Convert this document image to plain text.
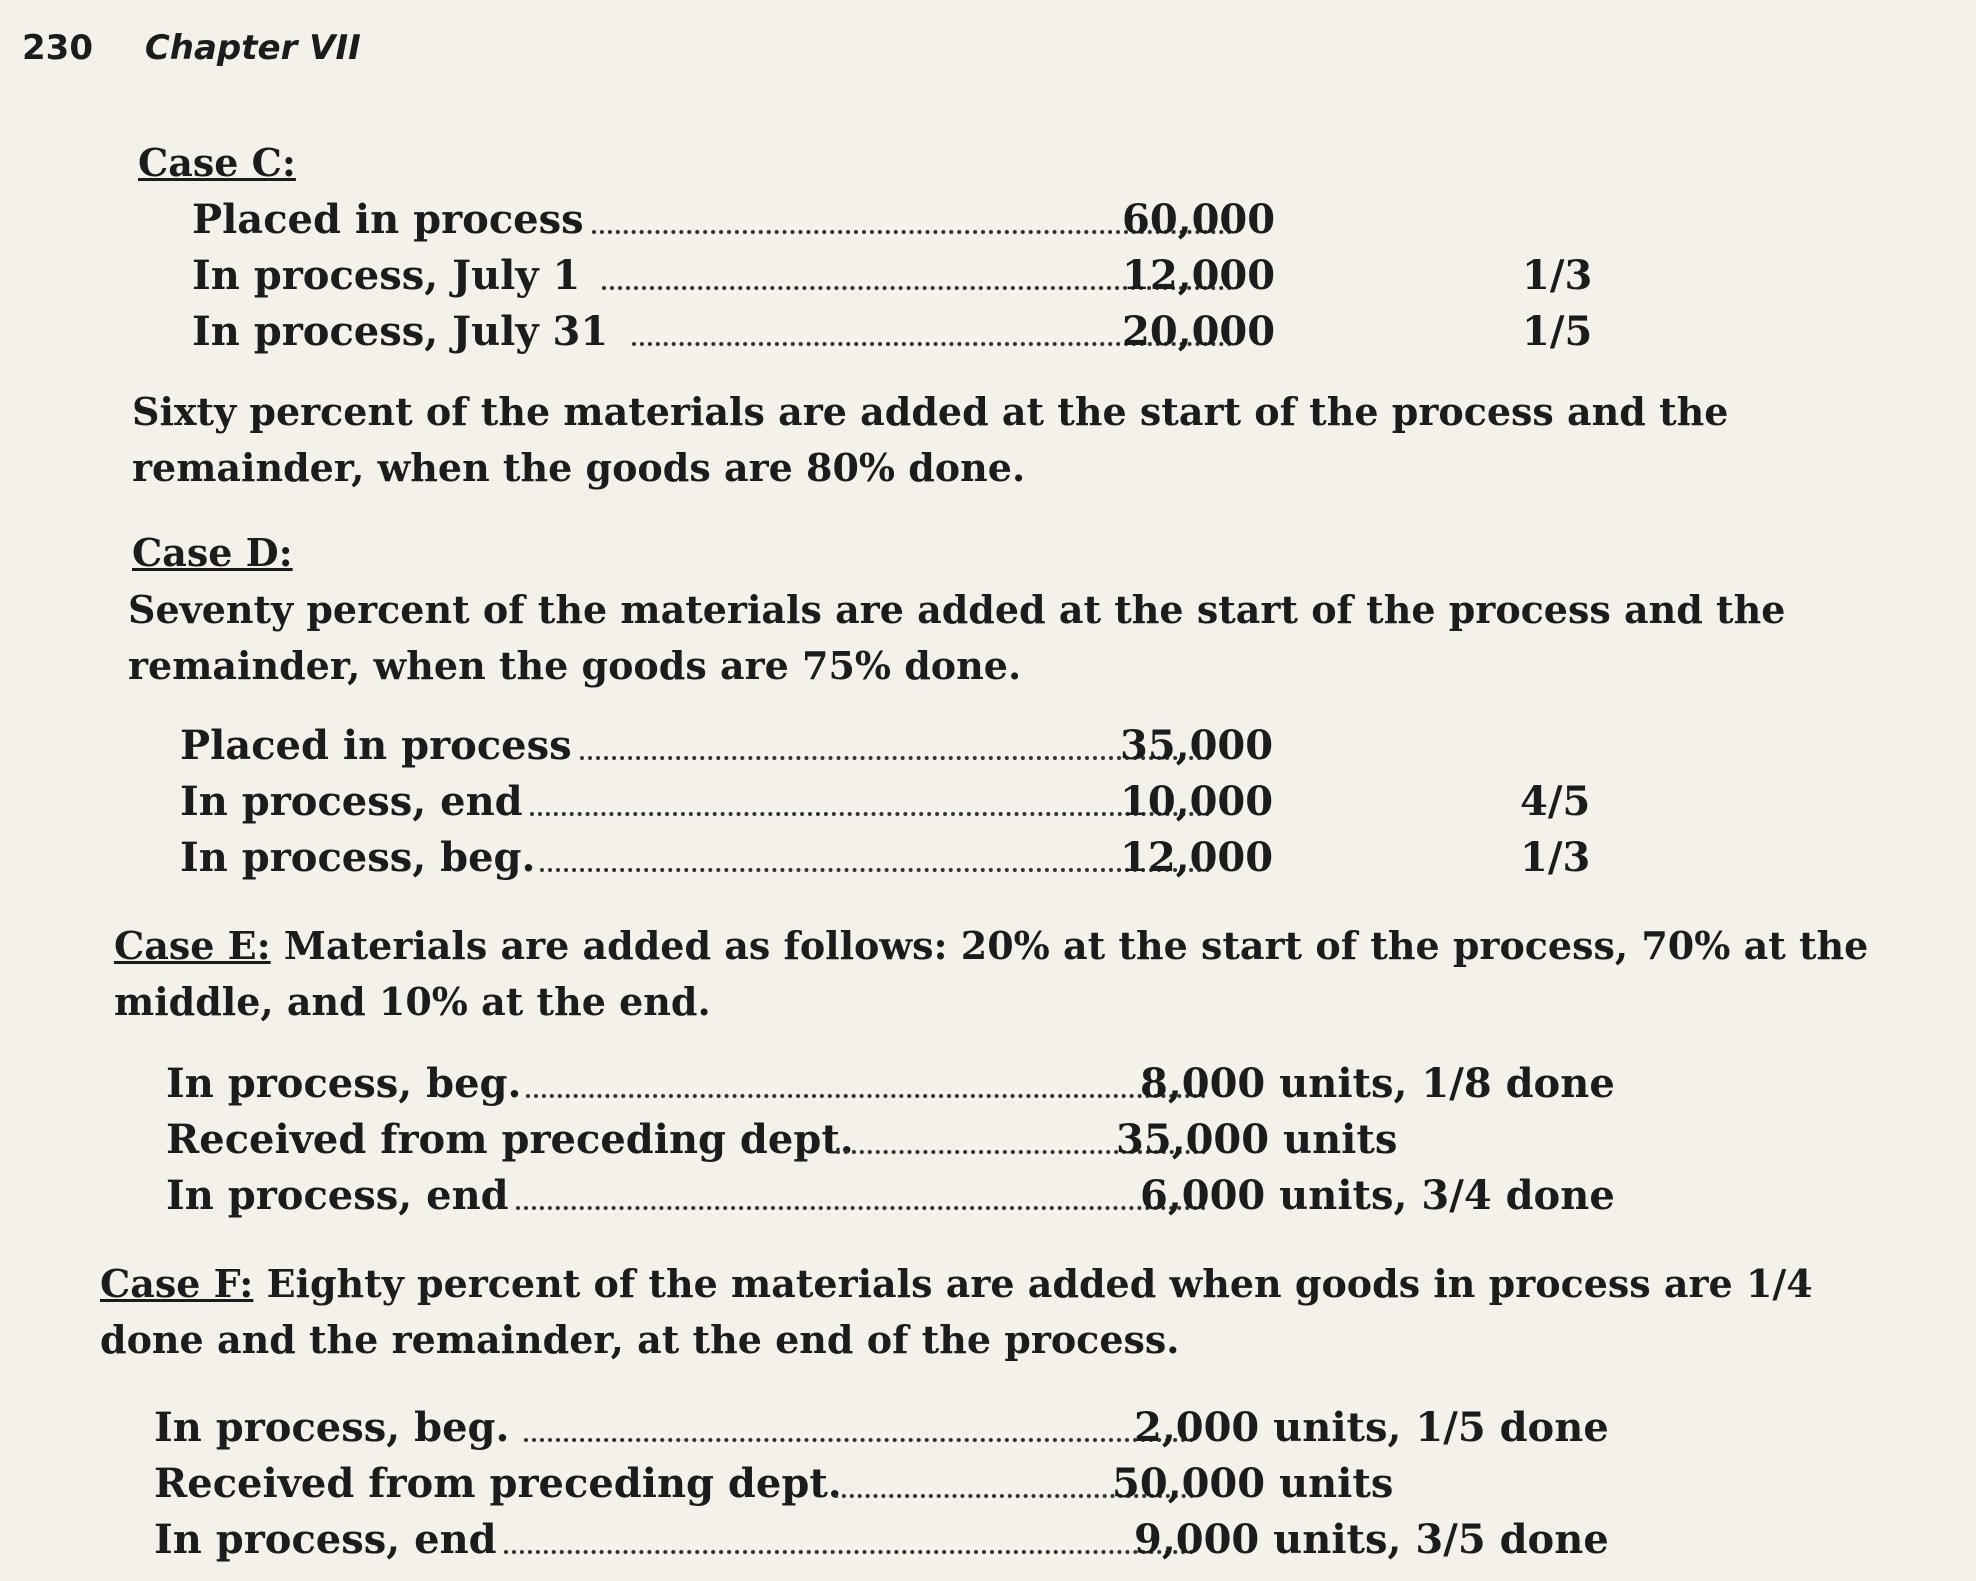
230 Chapter VII
Case C:
Placed in process	60,000
In process, July 1	12,000	1/3
In process, July 31	20,000	1/5
Sixty percent of the materials are added at the start of the process and the remainder, when the goods are 80% done.
Case D:
Seventy percent of the materials are added at the start of the process and the remainder, when the goods are 75% done.
Placed in process	35,000
In process, end	10,000	4/5
In process, beg.	12,000	1/3
Case E: Materials are added as follows: 20% at the start of the process, 70% at the middle, and 10% at the end.
In process, beg.	8,000 units, 1/8 done
Received from preceding dept.	35,000 units
In process, end	6,000 units, 3/4 done
Case F: Eighty percent of the materials are added when goods in process are 1/4 done and the remainder, at the end of the process.
In process, beg.	2,000 units, 1/5 done
Received from preceding dept.	50,000 units
In process, end	9,000 units, 3/5 done
